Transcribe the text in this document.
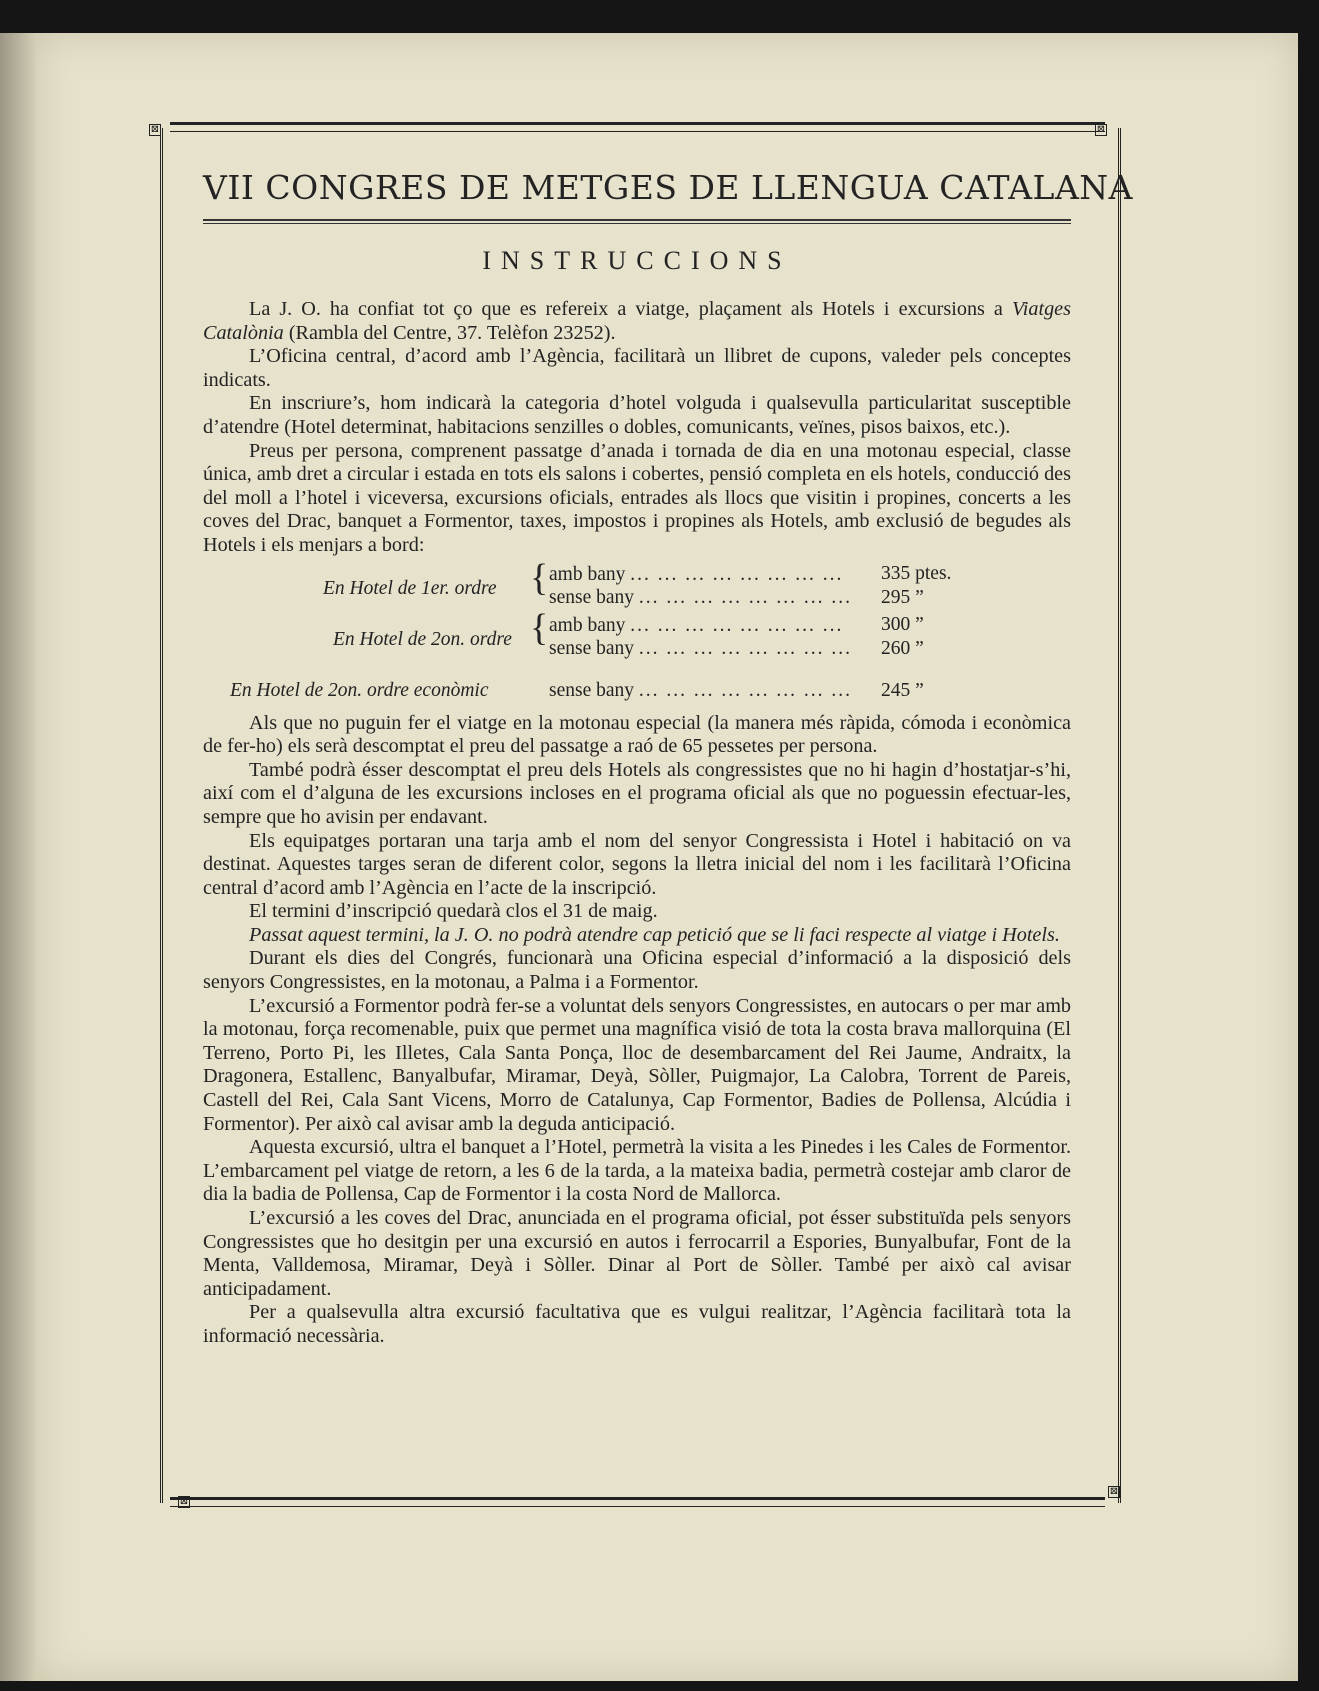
⊠	⊠
⊠
⊠
VII CONGRES DE METGES DE LLENGUA CATALANA
INSTRUCCIONS

La J. O. ha confiat tot ço que es refereix a viatge, plaçament als Hotels i excursions a Viatges Catalònia (Rambla del Centre, 37. Telèfon 23252).

L’Oficina central, d’acord amb l’Agència, facilitarà un llibret de cupons, valeder pels conceptes indicats.

En inscriure’s, hom indicarà la categoria d’hotel volguda i qualsevulla particularitat susceptible d’atendre (Hotel determinat, habitacions senzilles o dobles, comunicants, veïnes, pisos baixos, etc.).

Preus per persona, comprenent passatge d’anada i tornada de dia en una motonau especial, classe única, amb dret a circular i estada en tots els salons i cobertes, pensió completa en els hotels, conducció des del moll a l’hotel i viceversa, excursions oficials, entrades als llocs que visitin i propines, concerts a les coves del Drac, banquet a Formentor, taxes, impostos i propines als Hotels, amb exclusió de begudes als Hotels i els menjars a bord:

En Hotel de 1er. ordre { amb bany ... ... ... ... ... ... ... ... 335 ptes.
sense bany ... ... ... ... ... ... ... ... 295 ”
En Hotel de 2on. ordre { amb bany ... ... ... ... ... ... ... ... 300 ”
sense bany ... ... ... ... ... ... ... ... 260 ”
En Hotel de 2on. ordre econòmic	sense bany ... ... ... ... ... ... ... ... 245 ”

Als que no puguin fer el viatge en la motonau especial (la manera més ràpida, cómoda i econòmica de fer-ho) els serà descomptat el preu del passatge a raó de 65 pessetes per persona.

També podrà ésser descomptat el preu dels Hotels als congressistes que no hi hagin d’hostatjar-s’hi, així com el d’alguna de les excursions incloses en el programa oficial als que no poguessin efectuar-les, sempre que ho avisin per endavant.

Els equipatges portaran una tarja amb el nom del senyor Congressista i Hotel i habitació on va destinat. Aquestes targes seran de diferent color, segons la lletra inicial del nom i les facilitarà l’Oficina central d’acord amb l’Agència en l’acte de la inscripció.

El termini d’inscripció quedarà clos el 31 de maig.

Passat aquest termini, la J. O. no podrà atendre cap petició que se li faci respecte al viatge i Hotels.

Durant els dies del Congrés, funcionarà una Oficina especial d’informació a la disposició dels senyors Congressistes, en la motonau, a Palma i a Formentor.

L’excursió a Formentor podrà fer-se a voluntat dels senyors Congressistes, en autocars o per mar amb la motonau, força recomenable, puix que permet una magnífica visió de tota la costa brava mallorquina (El Terreno, Porto Pi, les Illetes, Cala Santa Ponça, lloc de desembarcament del Rei Jaume, Andraitx, la Dragonera, Estallenc, Banyalbufar, Miramar, Deyà, Sòller, Puigmajor, La Calobra, Torrent de Pareis, Castell del Rei, Cala Sant Vicens, Morro de Catalunya, Cap Formentor, Badies de Pollensa, Alcúdia i Formentor). Per això cal avisar amb la deguda anticipació.

Aquesta excursió, ultra el banquet a l’Hotel, permetrà la visita a les Pinedes i les Cales de Formentor. L’embarcament pel viatge de retorn, a les 6 de la tarda, a la mateixa badia, permetrà costejar amb claror de dia la badia de Pollensa, Cap de Formentor i la costa Nord de Mallorca.

L’excursió a les coves del Drac, anunciada en el programa oficial, pot ésser substituïda pels senyors Congressistes que ho desitgin per una excursió en autos i ferrocarril a Espories, Bunyalbufar, Font de la Menta, Valldemosa, Miramar, Deyà i Sòller. Dinar al Port de Sòller. També per això cal avisar anticipadament.

Per a qualsevulla altra excursió facultativa que es vulgui realitzar, l’Agència facilitarà tota la informació necessària.
